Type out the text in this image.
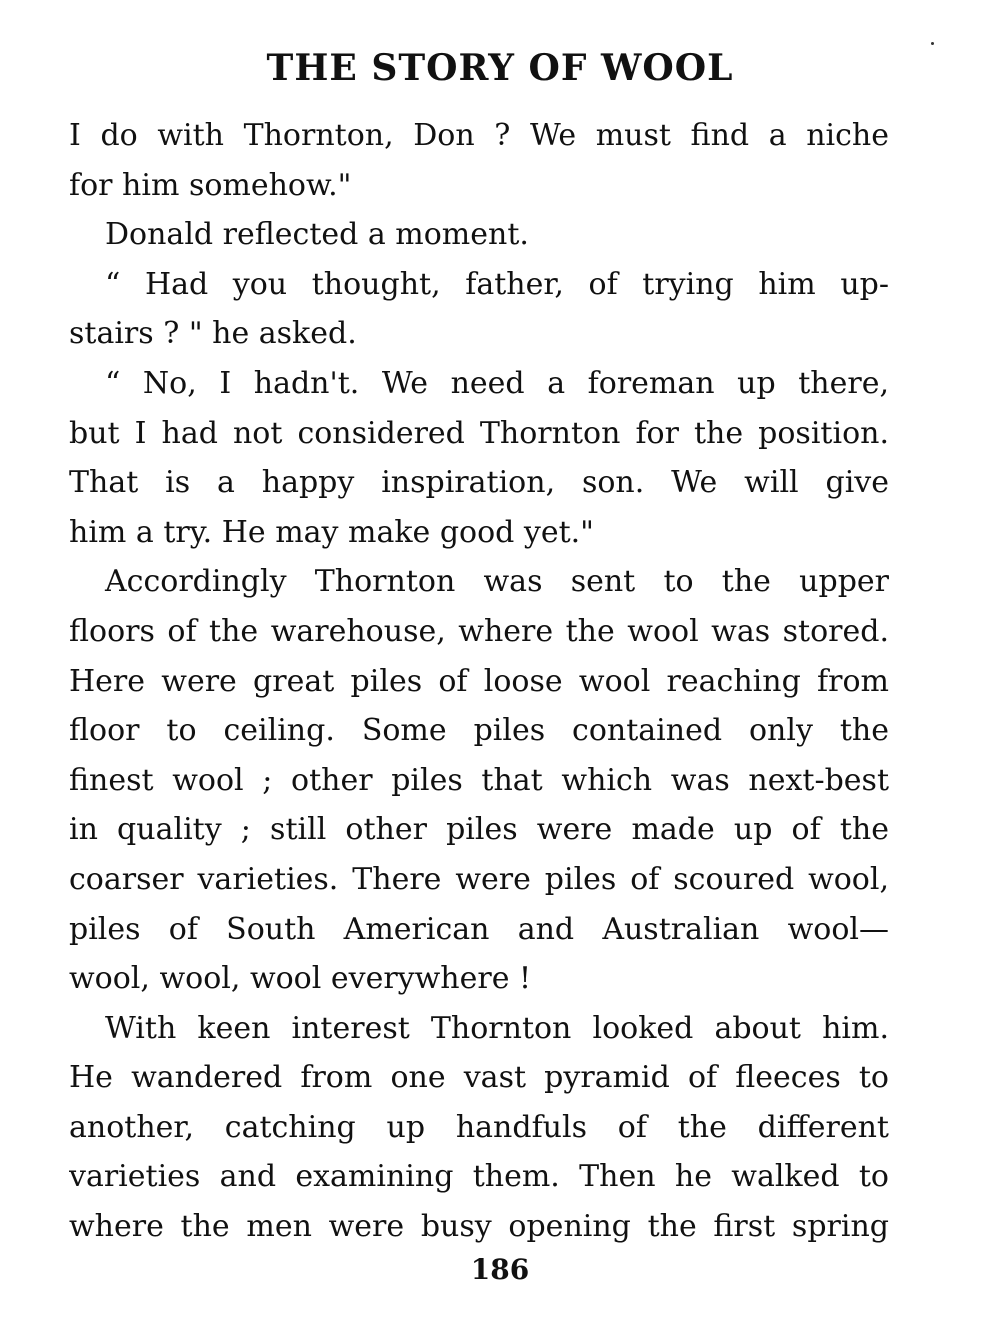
THE STORY OF WOOL
I do with Thornton, Don ? We must find a niche
for him somehow."
Donald reflected a moment.
“ Had you thought, father, of trying him up-
stairs ? " he asked.
“ No, I hadn't. We need a foreman up there,
but I had not considered Thornton for the position.
That is a happy inspiration, son. We will give
him a try. He may make good yet."
Accordingly Thornton was sent to the upper
floors of the warehouse, where the wool was stored.
Here were great piles of loose wool reaching from
floor to ceiling. Some piles contained only the
finest wool ; other piles that which was next-best
in quality ; still other piles were made up of the
coarser varieties. There were piles of scoured wool,
piles of South American and Australian wool—
wool, wool, wool everywhere !
With keen interest Thornton looked about him.
He wandered from one vast pyramid of fleeces to
another, catching up handfuls of the different
varieties and examining them. Then he walked to
where the men were busy opening the first spring
186
